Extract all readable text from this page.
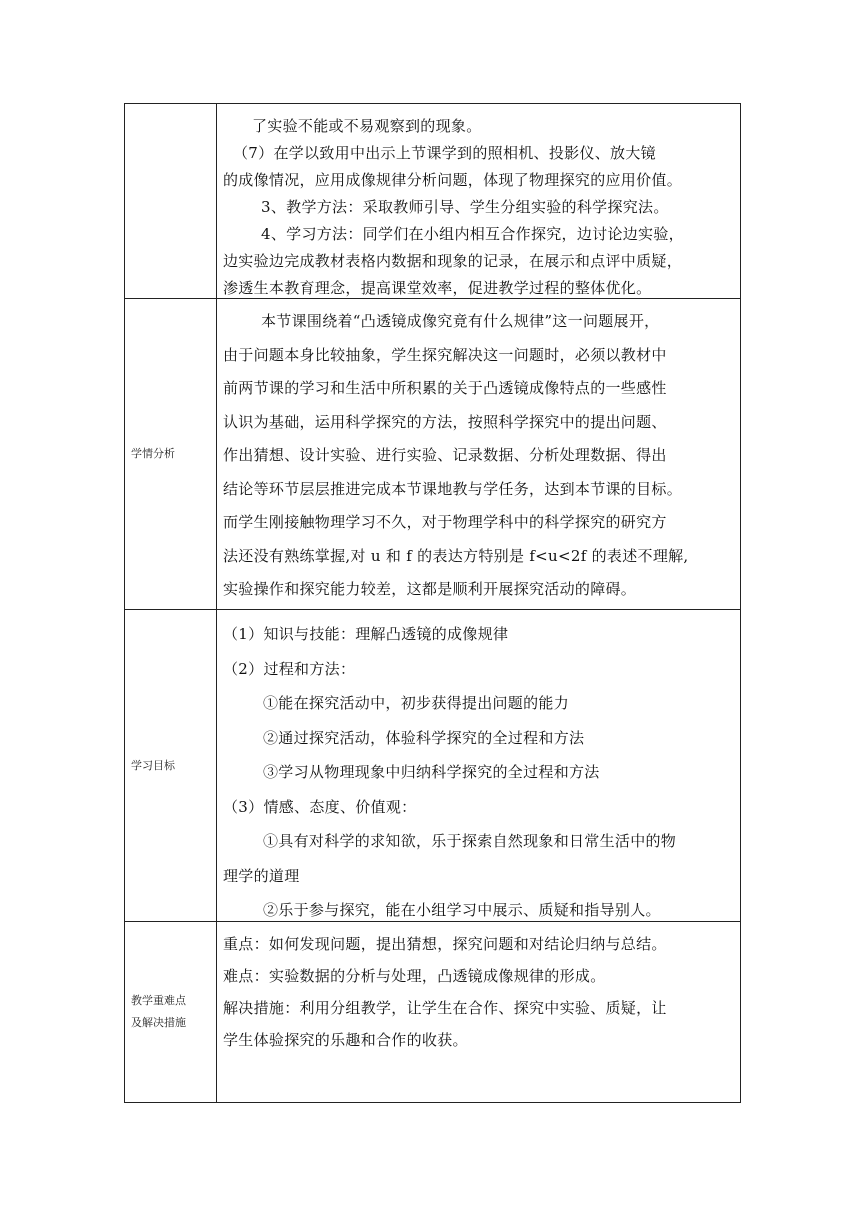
了实验不能或不易观察到的现象。

（7）在学以致用中出示上节课学到的照相机、投影仪、放大镜

的成像情况，应用成像规律分析问题，体现了物理探究的应用价值。

3、教学方法：采取教师引导、学生分组实验的科学探究法。

4、学习方法：同学们在小组内相互合作探究，边讨论边实验，

边实验边完成教材表格内数据和现象的记录，在展示和点评中质疑，

渗透生本教育理念，提高课堂效率，促进教学过程的整体优化。

学情分析

本节课围绕着“凸透镜成像究竟有什么规律”这一问题展开，

由于问题本身比较抽象，学生探究解决这一问题时，必须以教材中

前两节课的学习和生活中所积累的关于凸透镜成像特点的一些感性

认识为基础，运用科学探究的方法，按照科学探究中的提出问题、

作出猜想、设计实验、进行实验、记录数据、分析处理数据、得出

结论等环节层层推进完成本节课地教与学任务，达到本节课的目标。

而学生刚接触物理学习不久，对于物理学科中的科学探究的研究方

法还没有熟练掌握,对 u 和 f 的表达方特别是 f<u<2f 的表述不理解,

实验操作和探究能力较差，这都是顺利开展探究活动的障碍。

学习目标

（1）知识与技能：理解凸透镜的成像规律

（2）过程和方法：

①能在探究活动中，初步获得提出问题的能力

②通过探究活动，体验科学探究的全过程和方法

③学习从物理现象中归纳科学探究的全过程和方法

（3）情感、态度、价值观：

①具有对科学的求知欲，乐于探索自然现象和日常生活中的物

理学的道理

②乐于参与探究，能在小组学习中展示、质疑和指导别人。

教学重难点
及解决措施

重点：如何发现问题，提出猜想，探究问题和对结论归纳与总结。

难点：实验数据的分析与处理，凸透镜成像规律的形成。

解决措施：利用分组教学，让学生在合作、探究中实验、质疑，让

学生体验探究的乐趣和合作的收获。
